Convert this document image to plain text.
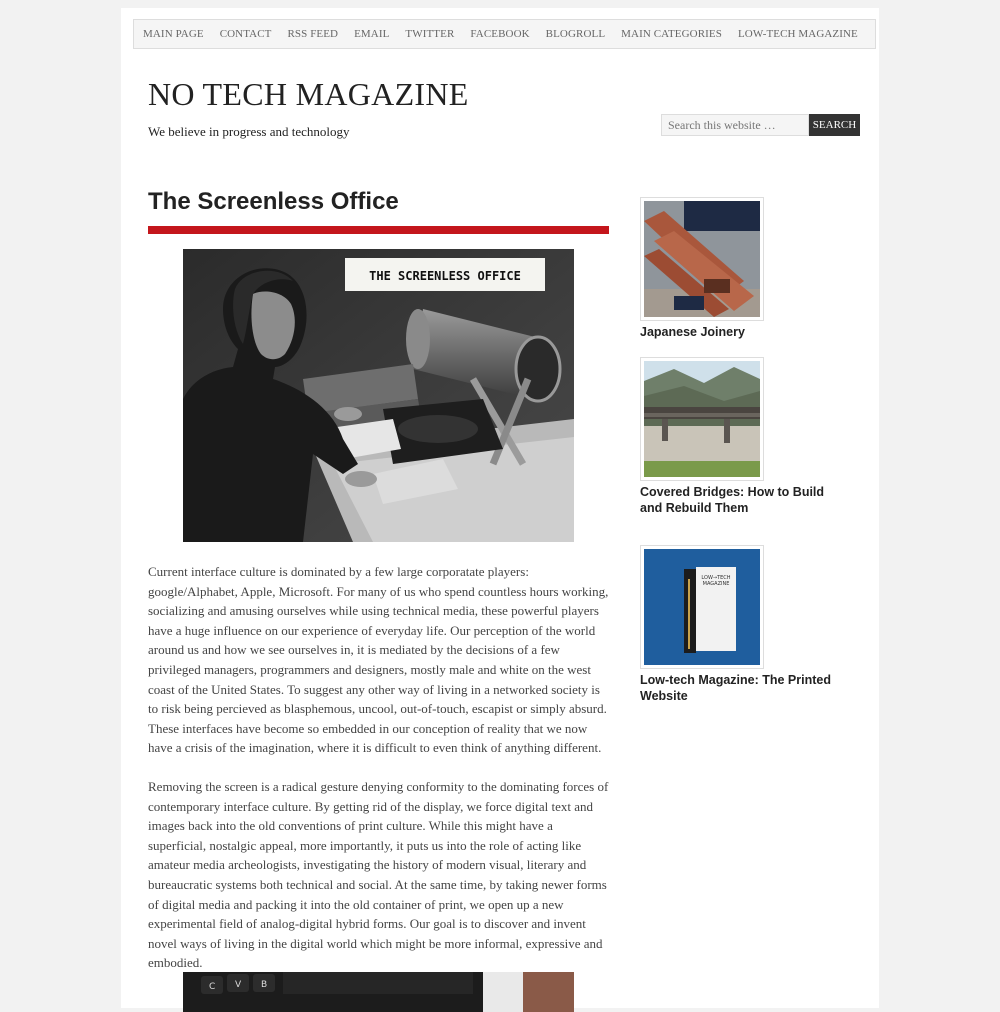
MAIN PAGE CONTACT RSS FEED EMAIL TWITTER FACEBOOK BLOGROLL MAIN CATEGORIES LOW-TECH MAGAZINE
NO TECH MAGAZINE
We believe in progress and technology
Search this website …	SEARCH
The Screenless Office
THE SCREENLESS OFFICE

Current interface culture is dominated by a few large corporatate players: google/Alphabet, Apple, Microsoft. For many of us who spend countless hours working, socializing and amusing ourselves while using technical media, these powerful players have a huge influence on our experience of everyday life. Our perception of the world around us and how we see ourselves in, it is mediated by the decisions of a few privileged managers, programmers and designers, mostly male and white on the west coast of the United States. To suggest any other way of living in a networked society is to risk being percieved as blasphemous, uncool, out-of-touch, escapist or simply absurd. These interfaces have become so embedded in our conception of reality that we now have a crisis of the imagination, where it is difficult to even think of anything different.

Removing the screen is a radical gesture denying conformity to the dominating forces of contemporary interface culture. By getting rid of the display, we force digital text and images back into the old conventions of print culture. While this might have a superficial, nostalgic appeal, more importantly, it puts us into the role of acting like amateur media archeologists, investigating the history of modern visual, literary and bureaucratic systems both technical and social. At the same time, by taking newer forms of digital media and packing it into the old container of print, we open up a new experimental field of analog-digital hybrid forms. Our goal is to discover and invent novel ways of living in the digital world which might be more informal, expressive and embodied.

C V B
Japanese Joinery
Covered Bridges: How to Build and Rebuild Them
LOW→TECH
MAGAZINE
Low-tech Magazine: The Printed Website
